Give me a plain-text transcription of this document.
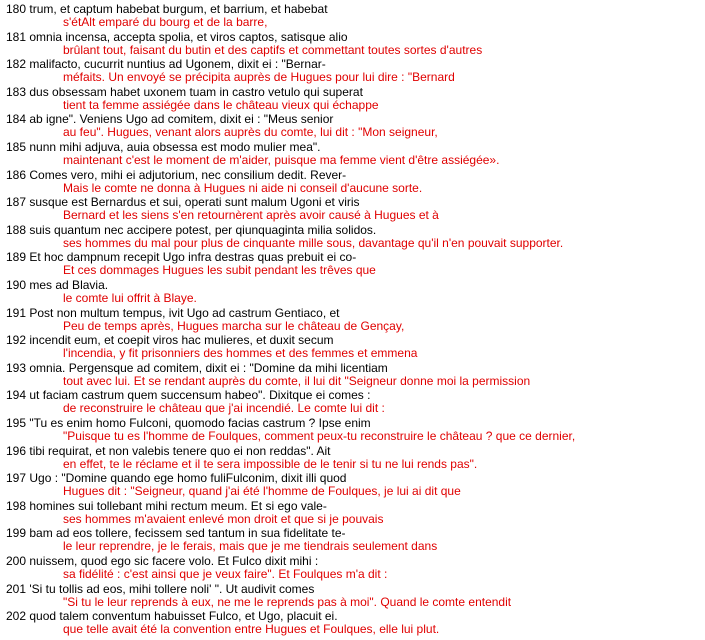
180 trum, et captum habebat burgum, et barrium, et habebat
s'étAlt emparé du bourg et de la barre,
181 omnia incensa, accepta spolia, et viros captos, satisque alio
brûlant tout, faisant du butin et des captifs et commettant toutes sortes d'autres
182 malifacto, cucurrit nuntius ad Ugonem, dixit ei : "Bernar-
méfaits. Un envoyé se précipita auprès de Hugues pour lui dire : "Bernard
183 dus obsessam habet uxonem tuam in castro vetulo qui superat
tient ta femme assiégée dans le château vieux qui échappe
184 ab igne". Veniens Ugo ad comitem, dixit ei : "Meus senior
au feu". Hugues, venant alors auprès du comte, lui dit : "Mon seigneur,
185 nunn mihi adjuva, auia obsessa est modo mulier mea".
maintenant c'est le moment de m'aider, puisque ma femme vient d'être assiégée».
186 Comes vero, mihi ei adjutorium, nec consilium dedit. Rever-
Mais le comte ne donna à Hugues ni aide ni conseil d'aucune sorte.
187 susque est Bernardus et sui, operati sunt malum Ugoni et viris
Bernard et les siens s'en retournèrent après avoir causé à Hugues et à
188 suis quantum nec accipere potest, per qiunquaginta milia solidos.
ses hommes du mal pour plus de cinquante mille sous, davantage qu'il n'en pouvait supporter.
189 Et hoc dampnum recepit Ugo infra destras quas prebuit ei co-
Et ces dommages Hugues les subit pendant les trêves que
190 mes ad Blavia.
le comte lui offrit à Blaye.
191 Post non multum tempus, ivit Ugo ad castrum Gentiaco, et
Peu de temps après, Hugues marcha sur le château de Gençay,
192 incendit eum, et coepit viros hac mulieres, et duxit secum
l'incendia, y fit prisonniers des hommes et des femmes et emmena
193 omnia. Pergensque ad comitem, dixit ei : "Domine da mihi licentiam
tout avec lui. Et se rendant auprès du comte, il lui dit "Seigneur donne moi la permission
194 ut faciam castrum quem succensum habeo". Dixitque ei comes :
de reconstruire le château que j'ai incendié. Le comte lui dit :
195 "Tu es enim homo Fulconi, quomodo facias castrum ? Ipse enim
"Puisque tu es l'homme de Foulques, comment peux-tu reconstruire le château ? que ce dernier,
196 tibi requirat, et non valebis tenere quo ei non reddas". Ait
en effet, te le réclame et il te sera impossible de le tenir si tu ne lui rends pas".
197 Ugo : "Domine quando ege homo fuliFulconim, dixit illi quod
Hugues dit : "Seigneur, quand j'ai été l'homme de Foulques, je lui ai dit que
198 homines sui tollebant mihi rectum meum. Et si ego vale-
ses hommes m'avaient enlevé mon droit et que si je pouvais
199 bam ad eos tollere, fecissem sed tantum in sua fidelitate te-
le leur reprendre, je le ferais, mais que je me tiendrais seulement dans
200 nuissem, quod ego sic facere volo. Et Fulco dixit mihi :
sa fidélité : c'est ainsi que je veux faire". Et Foulques m'a dit :
201 'Si tu tollis ad eos, mihi tollere noli' ". Ut audivit comes
"Si tu le leur reprends à eux, ne me le reprends pas à moi". Quand le comte entendit
202 quod talem conventum habuisset Fulco, et Ugo, placuit ei.
que telle avait été la convention entre Hugues et Foulques, elle lui plut.
